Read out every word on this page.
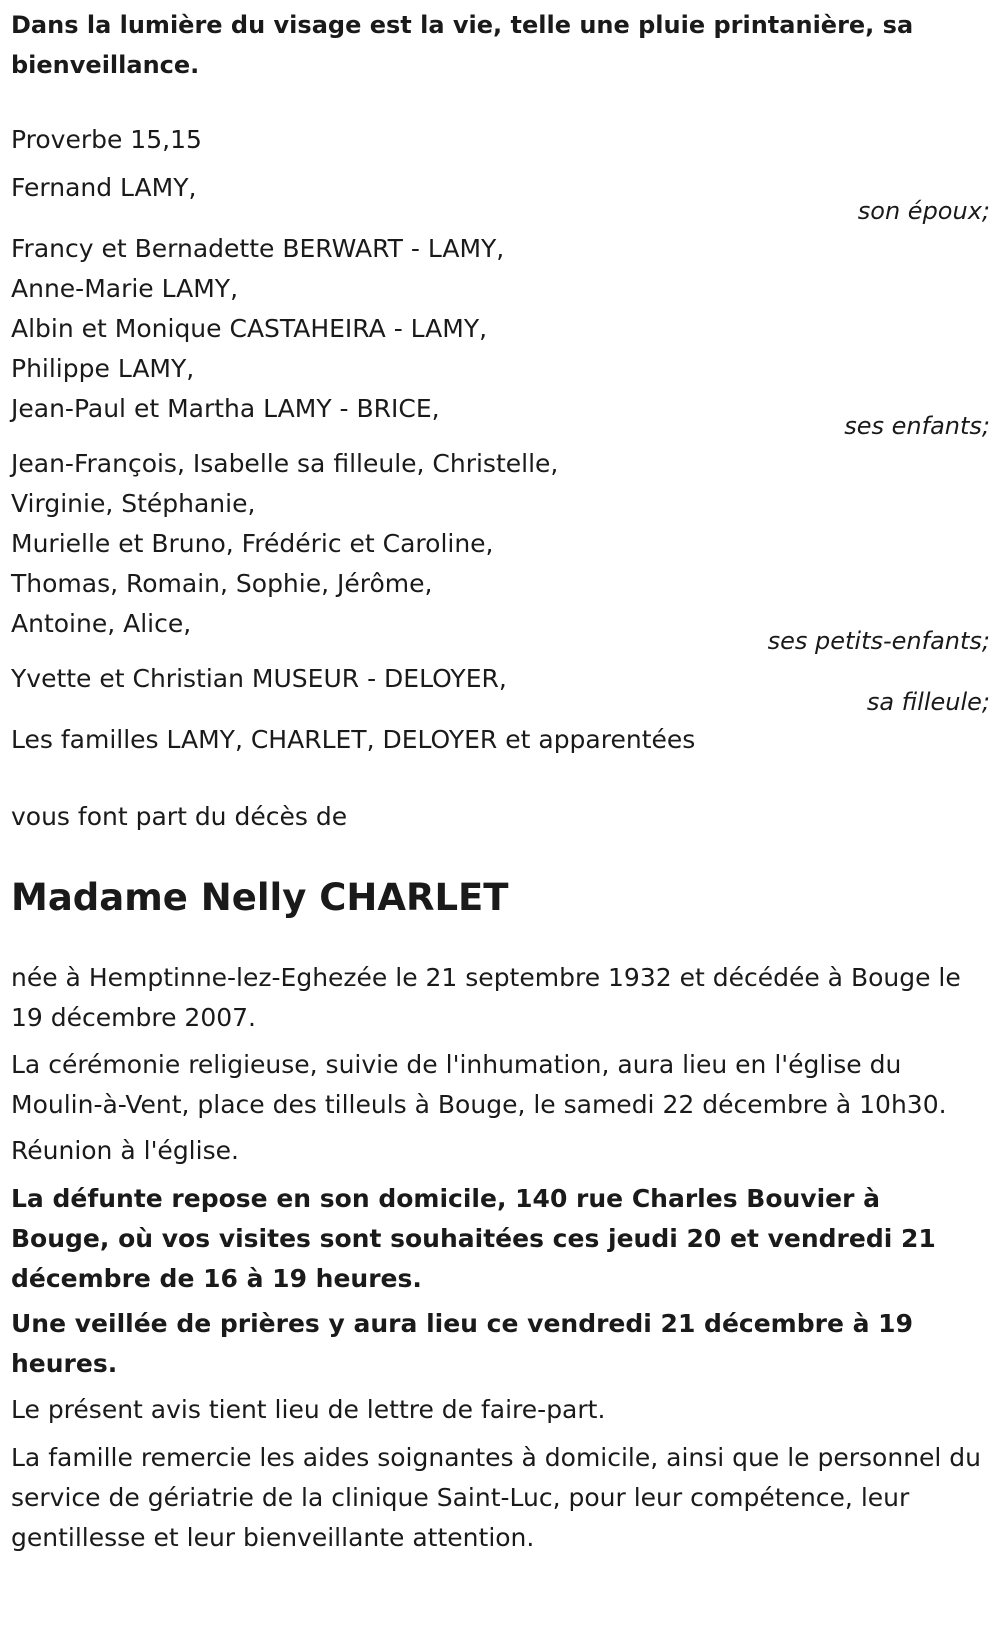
Dans la lumière du visage est la vie, telle une pluie printanière, sa bienveillance.
Proverbe 15,15
Fernand LAMY,
son époux;
Francy et Bernadette BERWART - LAMY,
Anne-Marie LAMY,
Albin et Monique CASTAHEIRA - LAMY,
Philippe LAMY,
Jean-Paul et Martha LAMY - BRICE,
ses enfants;
Jean-François, Isabelle sa filleule, Christelle,
Virginie, Stéphanie,
Murielle et Bruno, Frédéric et Caroline,
Thomas, Romain, Sophie, Jérôme,
Antoine, Alice,
ses petits-enfants;
Yvette et Christian MUSEUR - DELOYER,
sa filleule;
Les familles LAMY, CHARLET, DELOYER et apparentées
vous font part du décès de
Madame Nelly CHARLET
née à Hemptinne-lez-Eghezée le 21 septembre 1932 et décédée à Bouge le 19 décembre 2007.
La cérémonie religieuse, suivie de l'inhumation, aura lieu en l'église du Moulin-à-Vent, place des tilleuls à Bouge, le samedi 22 décembre à 10h30.
Réunion à l'église.
La défunte repose en son domicile, 140 rue Charles Bouvier à Bouge, où vos visites sont souhaitées ces jeudi 20 et vendredi 21 décembre de 16 à 19 heures.
Une veillée de prières y aura lieu ce vendredi 21 décembre à 19 heures.
Le présent avis tient lieu de lettre de faire-part.
La famille remercie les aides soignantes à domicile, ainsi que le personnel du service de gériatrie de la clinique Saint-Luc, pour leur compétence, leur gentillesse et leur bienveillante attention.
